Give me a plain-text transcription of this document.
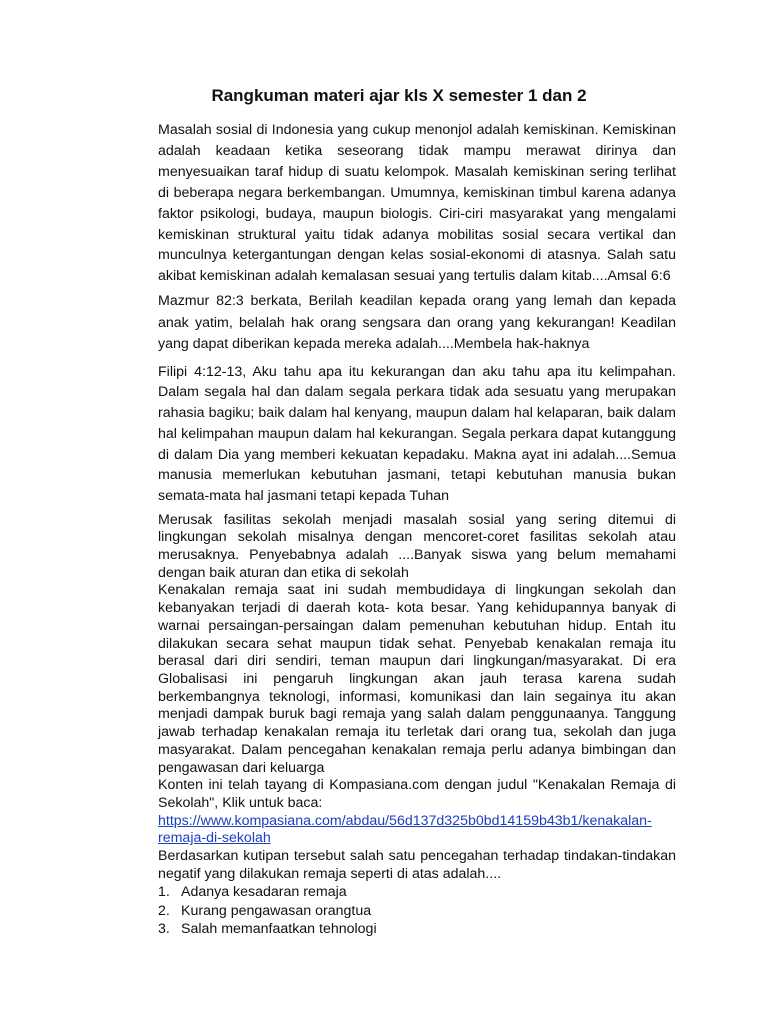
Rangkuman materi ajar kls X semester 1 dan 2

Masalah sosial di Indonesia yang cukup menonjol adalah kemiskinan. Kemiskinan adalah keadaan ketika seseorang tidak mampu merawat dirinya dan menyesuaikan taraf hidup di suatu kelompok. Masalah kemiskinan sering terlihat di beberapa negara berkembangan. Umumnya, kemiskinan timbul karena adanya faktor psikologi, budaya, maupun biologis. Ciri-ciri masyarakat yang mengalami kemiskinan struktural yaitu tidak adanya mobilitas sosial secara vertikal dan munculnya ketergantungan dengan kelas sosial-ekonomi di atasnya. Salah satu akibat kemiskinan adalah kemalasan sesuai yang tertulis dalam kitab....Amsal 6:6

Mazmur 82:3 berkata, Berilah keadilan kepada orang yang lemah dan kepada anak yatim, belalah hak orang sengsara dan orang yang kekurangan! Keadilan yang dapat diberikan kepada mereka adalah....Membela hak-haknya

Filipi 4:12-13, Aku tahu apa itu kekurangan dan aku tahu apa itu kelimpahan. Dalam segala hal dan dalam segala perkara tidak ada sesuatu yang merupakan rahasia bagiku; baik dalam hal kenyang, maupun dalam hal kelaparan, baik dalam hal kelimpahan maupun dalam hal kekurangan. Segala perkara dapat kutanggung di dalam Dia yang memberi kekuatan kepadaku. Makna ayat ini adalah....Semua manusia memerlukan kebutuhan jasmani, tetapi kebutuhan manusia bukan semata-mata hal jasmani tetapi kepada Tuhan

Merusak fasilitas sekolah menjadi masalah sosial yang sering ditemui di lingkungan sekolah misalnya dengan mencoret-coret fasilitas sekolah atau merusaknya. Penyebabnya adalah ....Banyak siswa yang belum memahami dengan baik aturan dan etika di sekolah

Kenakalan remaja saat ini sudah membudidaya di lingkungan sekolah dan kebanyakan terjadi di daerah kota- kota besar. Yang kehidupannya banyak di warnai persaingan-persaingan dalam pemenuhan kebutuhan hidup. Entah itu dilakukan secara sehat maupun tidak sehat. Penyebab kenakalan remaja itu berasal dari diri sendiri, teman maupun dari lingkungan/masyarakat. Di era Globalisasi ini pengaruh lingkungan akan jauh terasa karena sudah berkembangnya teknologi, informasi, komunikasi dan lain segainya itu akan menjadi dampak buruk bagi remaja yang salah dalam penggunaanya. Tanggung jawab terhadap kenakalan remaja itu terletak dari orang tua, sekolah dan juga masyarakat. Dalam pencegahan kenakalan remaja perlu adanya bimbingan dan pengawasan dari keluarga

Konten ini telah tayang di Kompasiana.com dengan judul "Kenakalan Remaja di Sekolah", Klik untuk baca:

https://www.kompasiana.com/abdau/56d137d325b0bd14159b43b1/kenakalan-
remaja-di-sekolah

Berdasarkan kutipan tersebut salah satu pencegahan terhadap tindakan-tindakan negatif yang dilakukan remaja seperti di atas adalah....

1. Adanya kesadaran remaja
2. Kurang pengawasan orangtua
3. Salah memanfaatkan tehnologi
